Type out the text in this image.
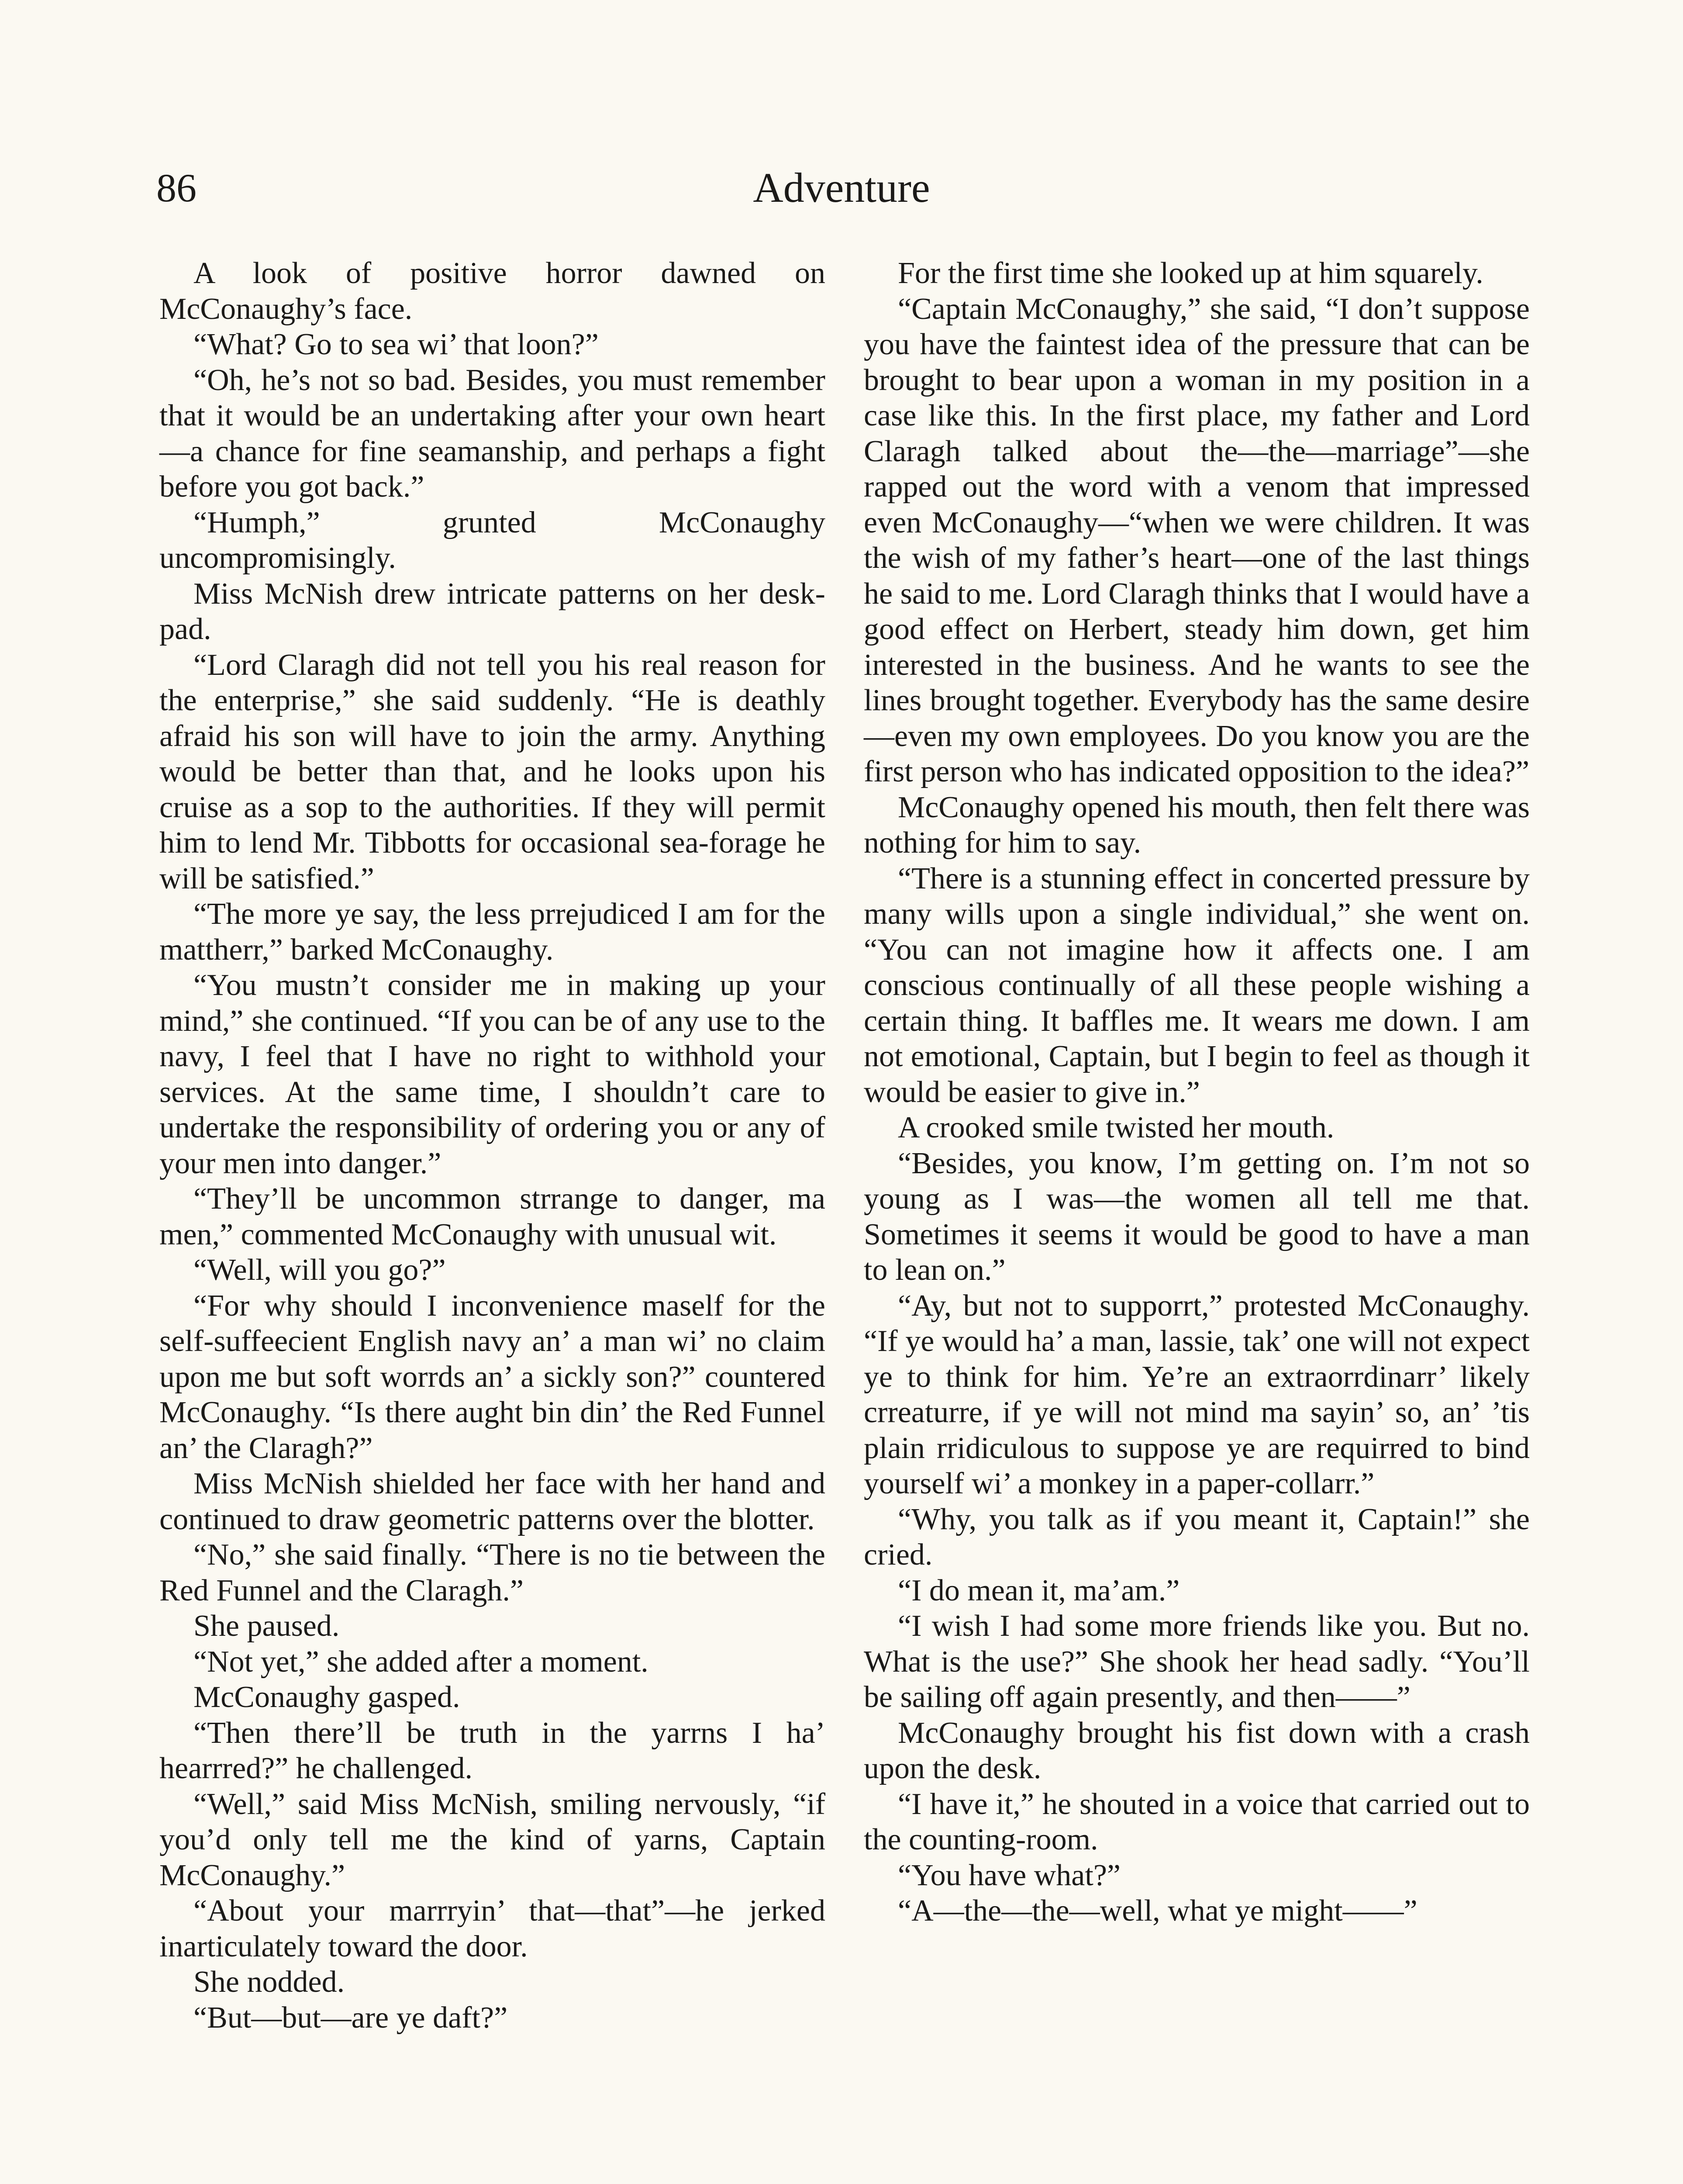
86	Adventure

A look of positive horror dawned on McConaughy’s face.

“What? Go to sea wi’ that loon?”

“Oh, he’s not so bad. Besides, you must remember that it would be an undertaking after your own heart—a chance for fine seamanship, and perhaps a fight before you got back.”

“Humph,” grunted McConaughy uncompromisingly.

Miss McNish drew intricate patterns on her desk-pad.

“Lord Claragh did not tell you his real reason for the enterprise,” she said suddenly. “He is deathly afraid his son will have to join the army. Anything would be better than that, and he looks upon his cruise as a sop to the authorities. If they will permit him to lend Mr. Tibbotts for occasional sea-forage he will be satisfied.”

“The more ye say, the less prrejudiced I am for the mattherr,” barked McConaughy.

“You mustn’t consider me in making up your mind,” she continued. “If you can be of any use to the navy, I feel that I have no right to withhold your services. At the same time, I shouldn’t care to undertake the responsibility of ordering you or any of your men into danger.”

“They’ll be uncommon strrange to danger, ma men,” commented McConaughy with unusual wit.

“Well, will you go?”

“For why should I inconvenience maself for the self-suffeecient English navy an’ a man wi’ no claim upon me but soft worrds an’ a sickly son?” countered McConaughy. “Is there aught bin din’ the Red Funnel an’ the Claragh?”

Miss McNish shielded her face with her hand and continued to draw geometric patterns over the blotter.

“No,” she said finally. “There is no tie between the Red Funnel and the Claragh.”

She paused.

“Not yet,” she added after a moment.

McConaughy gasped.

“Then there’ll be truth in the yarrns I ha’ hearrred?” he challenged.

“Well,” said Miss McNish, smiling nervously, “if you’d only tell me the kind of yarns, Captain McConaughy.”

“About your marrryin’ that—that”—he jerked inarticulately toward the door.

She nodded.

“But—but—are ye daft?”

For the first time she looked up at him squarely.

“Captain McConaughy,” she said, “I don’t suppose you have the faintest idea of the pressure that can be brought to bear upon a woman in my position in a case like this. In the first place, my father and Lord Claragh talked about the—the—marriage”—she rapped out the word with a venom that impressed even McConaughy—“when we were children. It was the wish of my father’s heart—one of the last things he said to me. Lord Claragh thinks that I would have a good effect on Herbert, steady him down, get him interested in the business. And he wants to see the lines brought together. Everybody has the same desire—even my own employees. Do you know you are the first person who has indicated opposition to the idea?”

McConaughy opened his mouth, then felt there was nothing for him to say.

“There is a stunning effect in concerted pressure by many wills upon a single individual,” she went on. “You can not imagine how it affects one. I am conscious continually of all these people wishing a certain thing. It baffles me. It wears me down. I am not emotional, Captain, but I begin to feel as though it would be easier to give in.”

A crooked smile twisted her mouth.

“Besides, you know, I’m getting on. I’m not so young as I was—the women all tell me that. Sometimes it seems it would be good to have a man to lean on.”

“Ay, but not to supporrt,” protested McConaughy. “If ye would ha’ a man, lassie, tak’ one will not expect ye to think for him. Ye’re an extraorrdinarr’ likely crreaturre, if ye will not mind ma sayin’ so, an’ ’tis plain rridiculous to suppose ye are requirred to bind yourself wi’ a monkey in a paper-collarr.”

“Why, you talk as if you meant it, Captain!” she cried.

“I do mean it, ma’am.”

“I wish I had some more friends like you. But no. What is the use?” She shook her head sadly. “You’ll be sailing off again presently, and then——”

McConaughy brought his fist down with a crash upon the desk.

“I have it,” he shouted in a voice that carried out to the counting-room.

“You have what?”

“A—the—the—well, what ye might——”
